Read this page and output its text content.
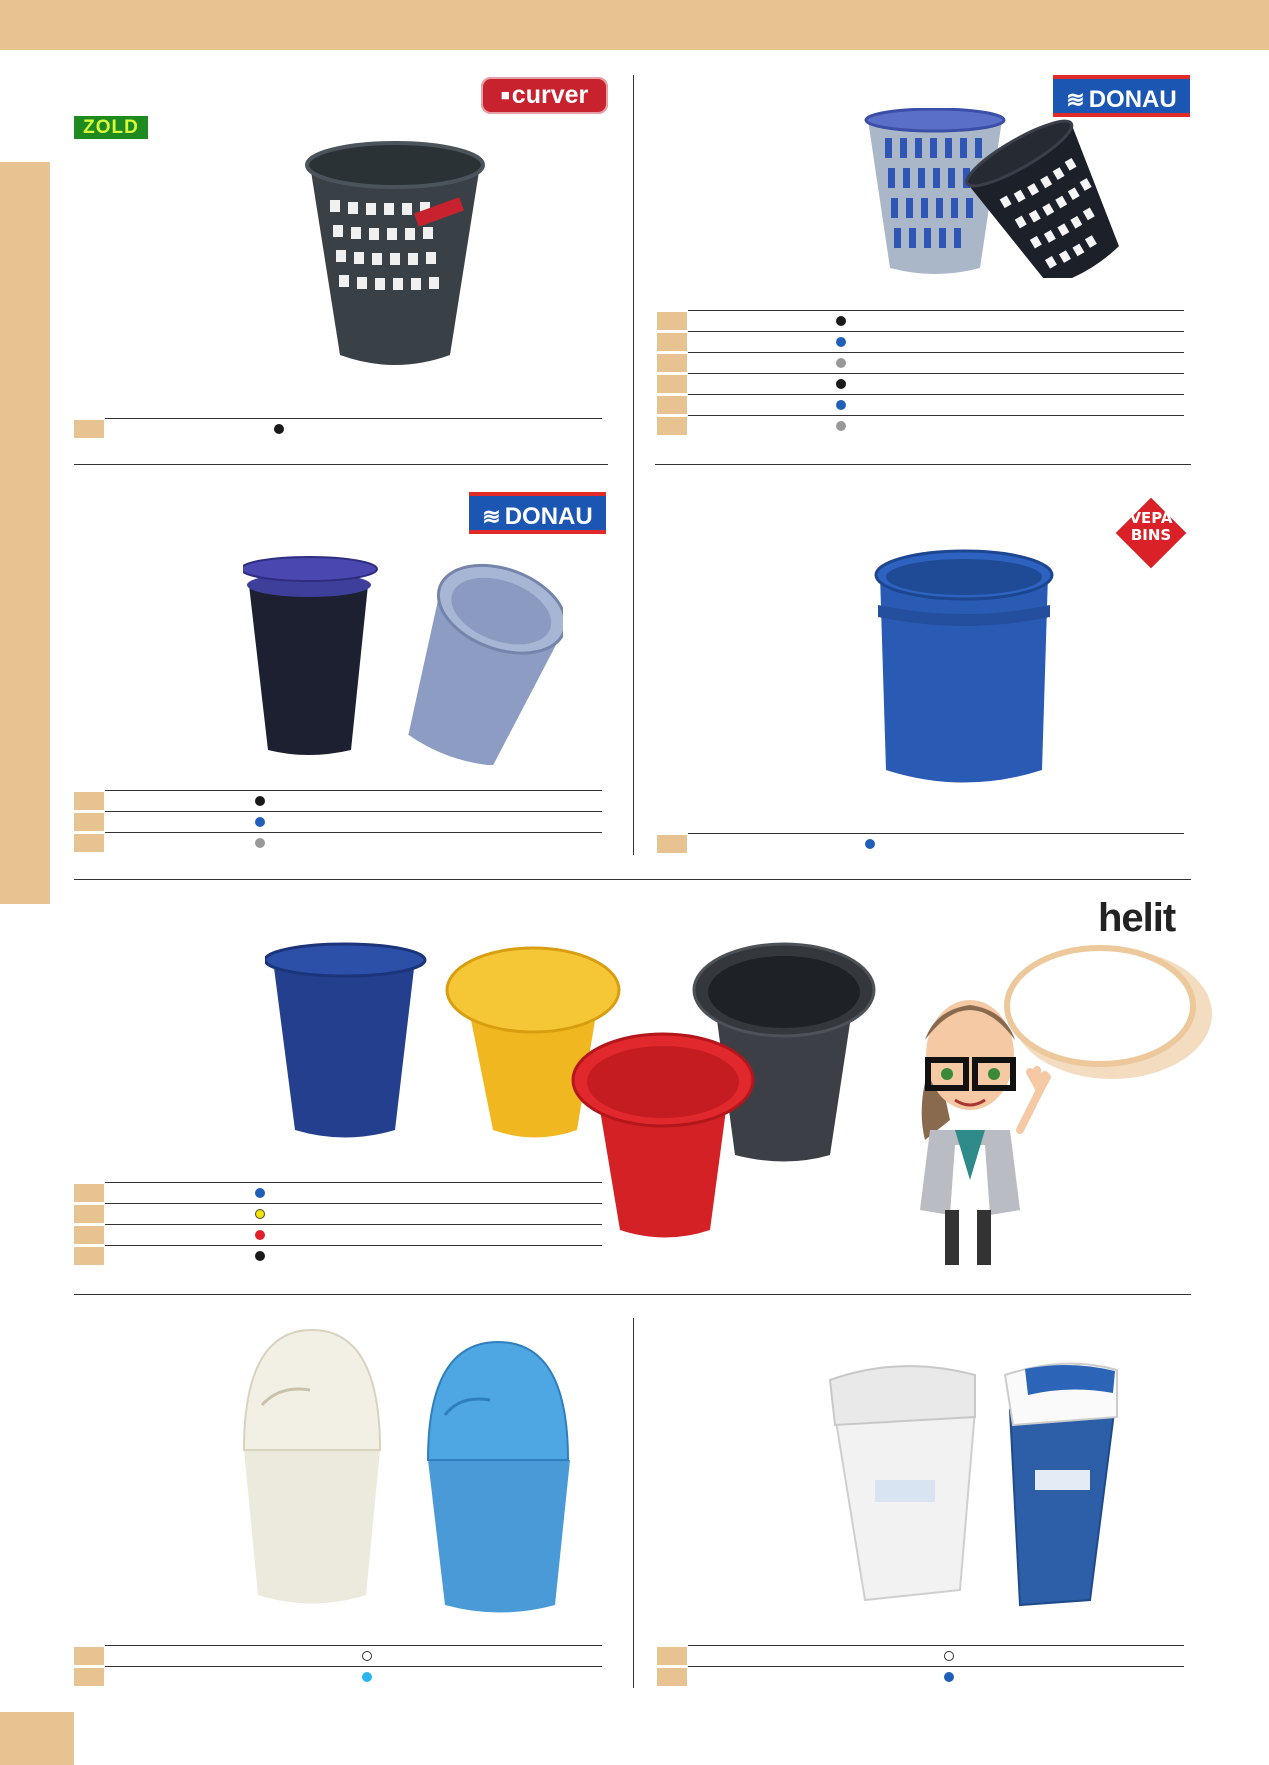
■curver
ZOLD
≋ DONAU
≋ DONAU	VEPA
BINS
helit
